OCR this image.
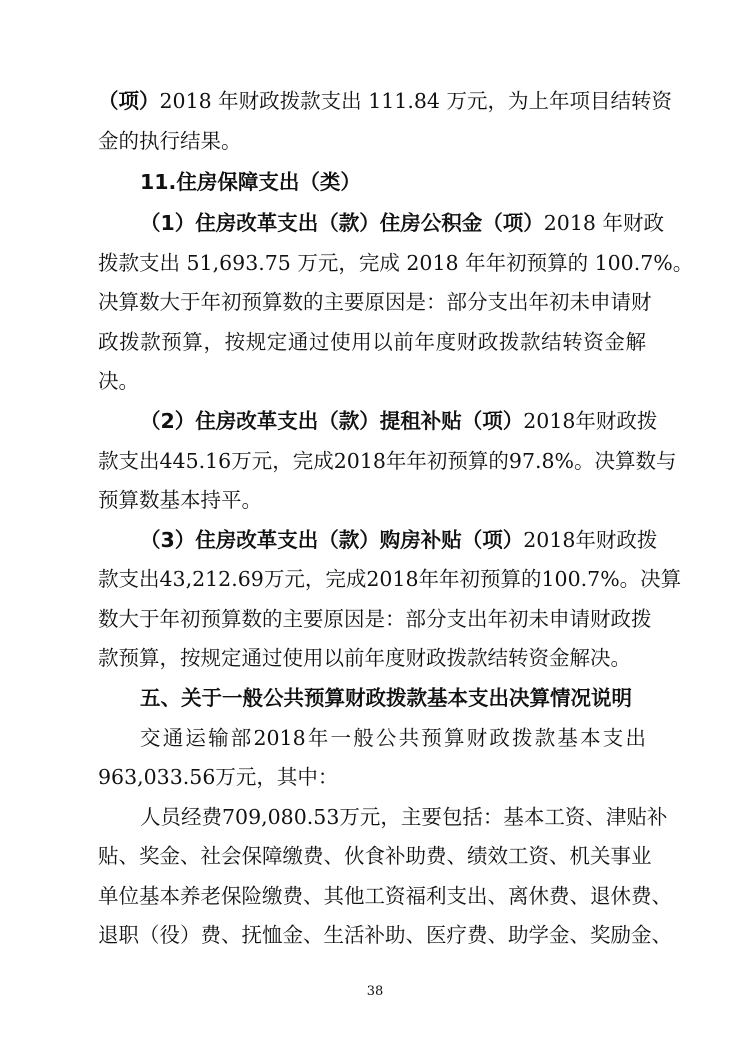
（项）2018 年财政拨款支出 111.84 万元，为上年项目结转资

金的执行结果。

11.住房保障支出（类）

（1）住房改革支出（款）住房公积金（项）2018 年财政

拨款支出 51,693.75 万元，完成 2018 年年初预算的 100.7%。

决算数大于年初预算数的主要原因是：部分支出年初未申请财

政拨款预算，按规定通过使用以前年度财政拨款结转资金解

决。

（2）住房改革支出（款）提租补贴（项）2018年财政拨

款支出445.16万元，完成2018年年初预算的97.8%。决算数与

预算数基本持平。

（3）住房改革支出（款）购房补贴（项）2018年财政拨

款支出43,212.69万元，完成2018年年初预算的100.7%。决算

数大于年初预算数的主要原因是：部分支出年初未申请财政拨

款预算，按规定通过使用以前年度财政拨款结转资金解决。

五、关于一般公共预算财政拨款基本支出决算情况说明

交通运输部2018年一般公共预算财政拨款基本支出

963,033.56万元，其中：

人员经费709,080.53万元，主要包括：基本工资、津贴补

贴、奖金、社会保障缴费、伙食补助费、绩效工资、机关事业

单位基本养老保险缴费、其他工资福利支出、离休费、退休费、

退职（役）费、抚恤金、生活补助、医疗费、助学金、奖励金、

38
